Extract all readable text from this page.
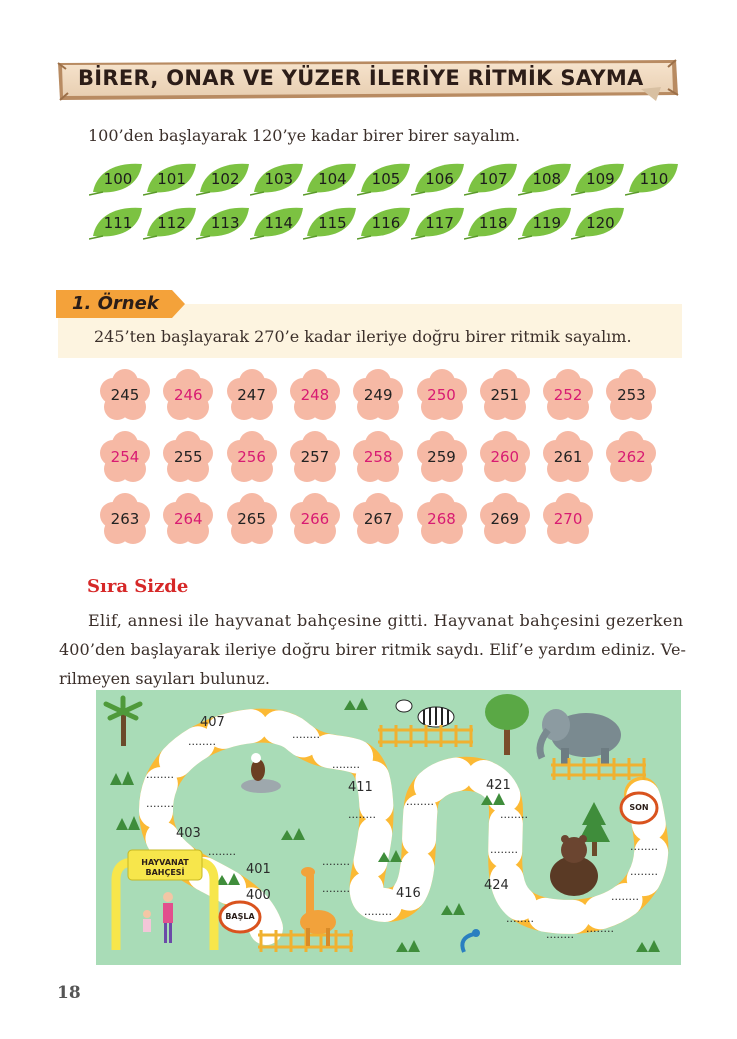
BİRER, ONAR VE YÜZER İLERİYE RİTMİK SAYMA
100’den başlayarak 120’ye kadar birer birer sayalım.
100	101	102	103	104	105	106	107	108	109	110
111	112	113	114	115	116	117	118	119	120
1. Örnek
245’ten başlayarak 270’e kadar ileriye doğru birer ritmik sayalım.
245	246	247	248	249	250	251	252	253
254	255	256	257	258	259	260	261	262
263	264	265	266	267	268	269	270
Sıra Sizde
Elif, annesi ile hayvanat bahçesine gitti. Hayvanat bahçesini gezerken
400’den başlayarak ileriye doğru birer ritmik saydı. Elif’e yardım ediniz. Ve-
rilmeyen sayıları bulunuz.
HAYVANAT
BAHÇESİ
BAŞLA
SON
407
........
........
........
........
411
........
403
........
........
421
........
........
401
........
400	........	416
424
........
........
........
........
........
........
........
........
18
